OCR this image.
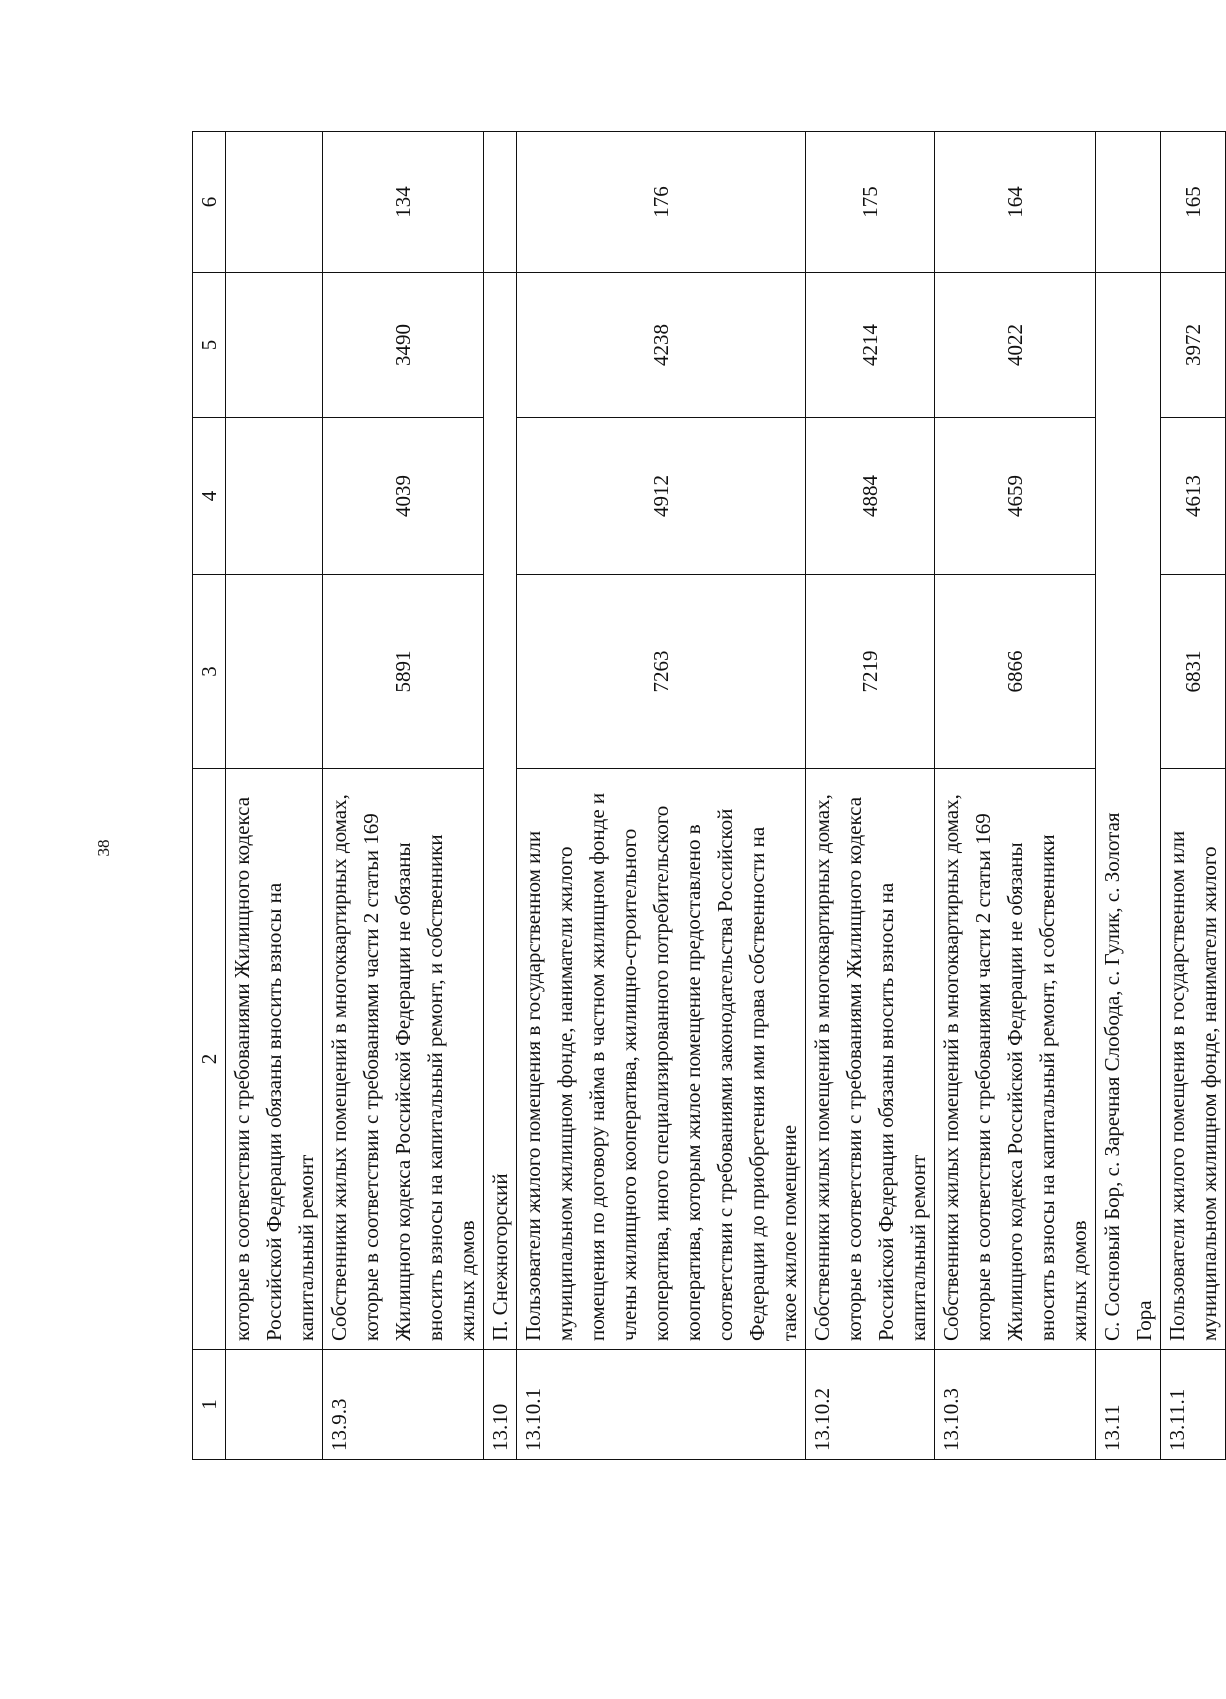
38
1	2	3	4	5	6
	которые в соответствии с требованиями Жилищного кодекса Российской Федерации обязаны вносить взносы на капитальный ремонт				
13.9.3	Собственники жилых помещений в многоквартирных домах, которые в соответствии с требованиями части 2 статьи 169 Жилищного кодекса Российской Федерации не обязаны вносить взносы на капитальный ремонт, и собственники жилых домов	5891	4039	3490	134
13.10	П. Снежногорский				
13.10.1	Пользователи жилого помещения в государственном или муниципальном жилищном фонде, наниматели жилого помещения по договору найма в частном жилищном фонде и члены жилищного кооператива, жилищно-строительного кооператива, иного специализированного потребительского кооператива, которым жилое помещение предоставлено в соответствии с требованиями законодательства Российской Федерации до приобретения ими права собственности на такое жилое помещение	7263	4912	4238	176
13.10.2	Собственники жилых помещений в многоквартирных домах, которые в соответствии с требованиями Жилищного кодекса Российской Федерации обязаны вносить взносы на капитальный ремонт	7219	4884	4214	175
13.10.3	Собственники жилых помещений в многоквартирных домах, которые в соответствии с требованиями части 2 статьи 169 Жилищного кодекса Российской Федерации не обязаны вносить взносы на капитальный ремонт, и собственники жилых домов	6866	4659	4022	164
13.11	С. Сосновый Бор, с. Заречная Слобода, с. Гулик, с. Золотая Гора				
13.11.1	Пользователи жилого помещения в государственном или муниципальном жилищном фонде, наниматели жилого	6831	4613	3972	165
